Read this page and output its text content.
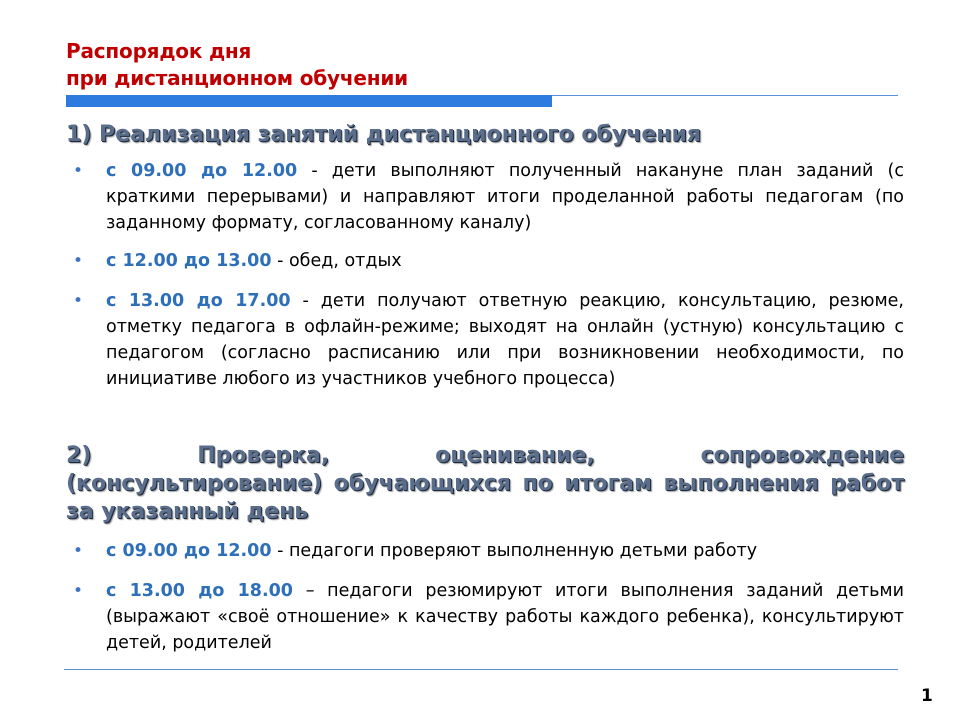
Распорядок дня
при дистанционном обучении
1) Реализация занятий дистанционного обучения
• с 09.00 до 12.00 - дети выполняют полученный накануне план заданий (с краткими перерывами) и направляют итоги проделанной работы педагогам (по заданному формату, согласованному каналу)
• с 12.00 до 13.00 - обед, отдых
• с 13.00 до 17.00 - дети получают ответную реакцию, консультацию, резюме, отметку педагога в офлайн-режиме; выходят на онлайн (устную) консультацию с педагогом (согласно расписанию или при возникновении необходимости, по инициативе любого из участников учебного процесса)
2) Проверка, оценивание, сопровождение
(консультирование) обучающихся по итогам выполнения работ за указанный день
• с 09.00 до 12.00 - педагоги проверяют выполненную детьми работу
• с 13.00 до 18.00 – педагоги резюмируют итоги выполнения заданий детьми (выражают «своё отношение» к качеству работы каждого ребенка), консультируют детей, родителей
1
